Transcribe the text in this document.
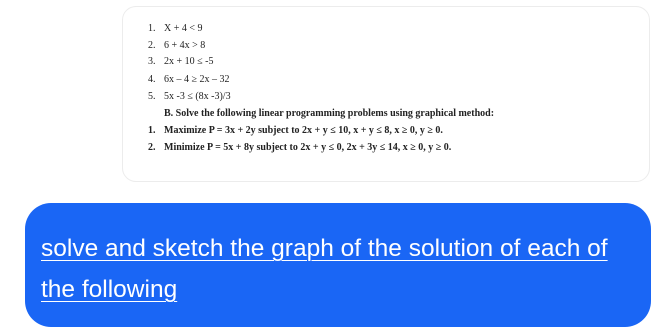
1. X + 4 < 9
2. 6 + 4x > 8
3. 2x + 10 ≤ -5
4. 6x – 4 ≥ 2x – 32
5. 5x -3 ≤ (8x -3)/3
B. Solve the following linear programming problems using graphical method:
1. Maximize P = 3x + 2y subject to 2x + y ≤ 10, x + y ≤ 8, x ≥ 0, y ≥ 0.
2. Minimize P = 5x + 8y subject to 2x + y ≤ 0, 2x + 3y ≤ 14, x ≥ 0, y ≥ 0.
solve and sketch the graph of the solution of each of the following
